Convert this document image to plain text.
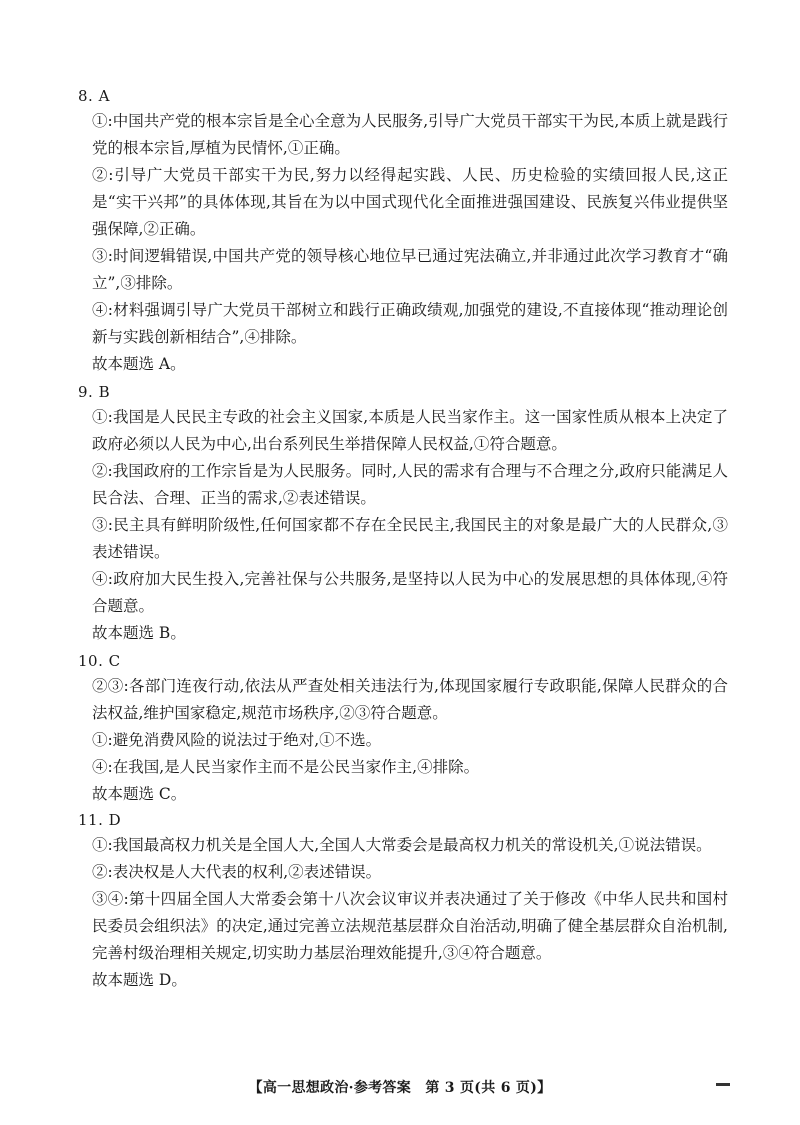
8. A

①:中国共产党的根本宗旨是全心全意为人民服务,引导广大党员干部实干为民,本质上就是践行党的根本宗旨,厚植为民情怀,①正确。

②:引导广大党员干部实干为民,努力以经得起实践、人民、历史检验的实绩回报人民,这正是“实干兴邦”的具体体现,其旨在为以中国式现代化全面推进强国建设、民族复兴伟业提供坚强保障,②正确。

③:时间逻辑错误,中国共产党的领导核心地位早已通过宪法确立,并非通过此次学习教育才“确立”,③排除。

④:材料强调引导广大党员干部树立和践行正确政绩观,加强党的建设,不直接体现“推动理论创新与实践创新相结合”,④排除。

故本题选 A。

9. B

①:我国是人民民主专政的社会主义国家,本质是人民当家作主。这一国家性质从根本上决定了政府必须以人民为中心,出台系列民生举措保障人民权益,①符合题意。

②:我国政府的工作宗旨是为人民服务。同时,人民的需求有合理与不合理之分,政府只能满足人民合法、合理、正当的需求,②表述错误。

③:民主具有鲜明阶级性,任何国家都不存在全民民主,我国民主的对象是最广大的人民群众,③表述错误。

④:政府加大民生投入,完善社保与公共服务,是坚持以人民为中心的发展思想的具体体现,④符合题意。

故本题选 B。

10. C

②③:各部门连夜行动,依法从严查处相关违法行为,体现国家履行专政职能,保障人民群众的合法权益,维护国家稳定,规范市场秩序,②③符合题意。

①:避免消费风险的说法过于绝对,①不选。

④:在我国,是人民当家作主而不是公民当家作主,④排除。

故本题选 C。

11. D

①:我国最高权力机关是全国人大,全国人大常委会是最高权力机关的常设机关,①说法错误。

②:表决权是人大代表的权利,②表述错误。

③④:第十四届全国人大常委会第十八次会议审议并表决通过了关于修改《中华人民共和国村民委员会组织法》的决定,通过完善立法规范基层群众自治活动,明确了健全基层群众自治机制,完善村级治理相关规定,切实助力基层治理效能提升,③④符合题意。

故本题选 D。

【高一思想政治·参考答案　第 3 页(共 6 页)】
